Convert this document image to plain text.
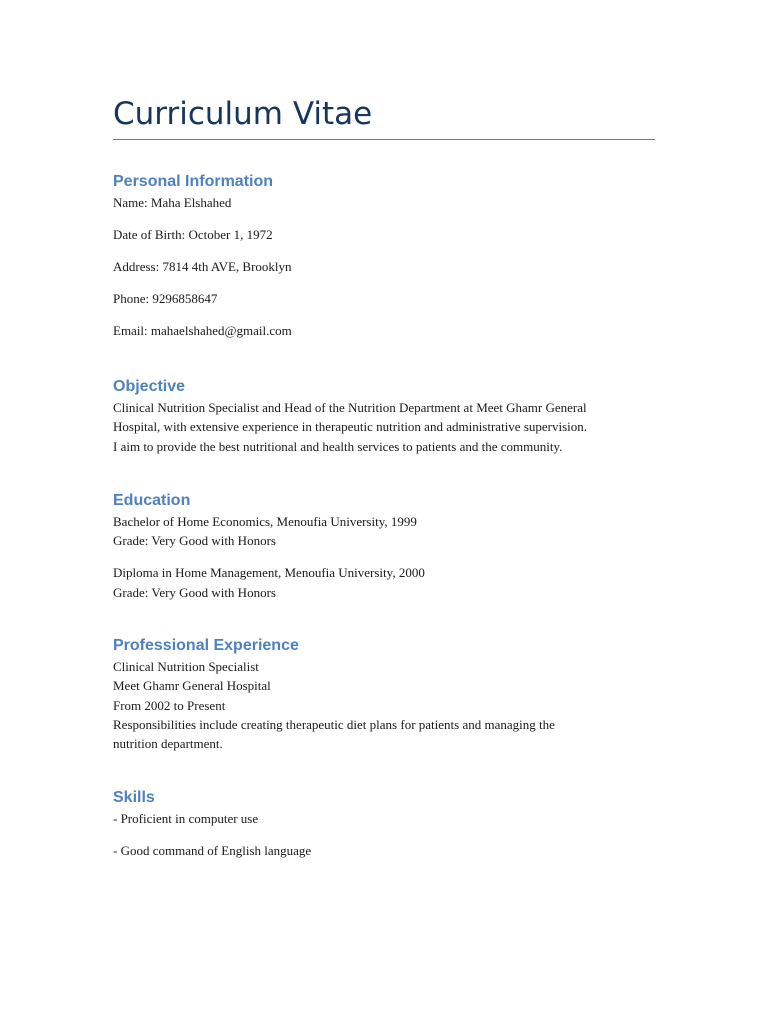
Curriculum Vitae
Personal Information

Name: Maha Elshahed

Date of Birth: October 1, 1972

Address: 7814 4th AVE, Brooklyn

Phone: 9296858647

Email: mahaelshahed@gmail.com

Objective

Clinical Nutrition Specialist and Head of the Nutrition Department at Meet Ghamr General

Hospital, with extensive experience in therapeutic nutrition and administrative supervision.

I aim to provide the best nutritional and health services to patients and the community.

Education

Bachelor of Home Economics, Menoufia University, 1999

Grade: Very Good with Honors

Diploma in Home Management, Menoufia University, 2000

Grade: Very Good with Honors

Professional Experience

Clinical Nutrition Specialist

Meet Ghamr General Hospital

From 2002 to Present

Responsibilities include creating therapeutic diet plans for patients and managing the

nutrition department.

Skills

- Proficient in computer use

- Good command of English language
